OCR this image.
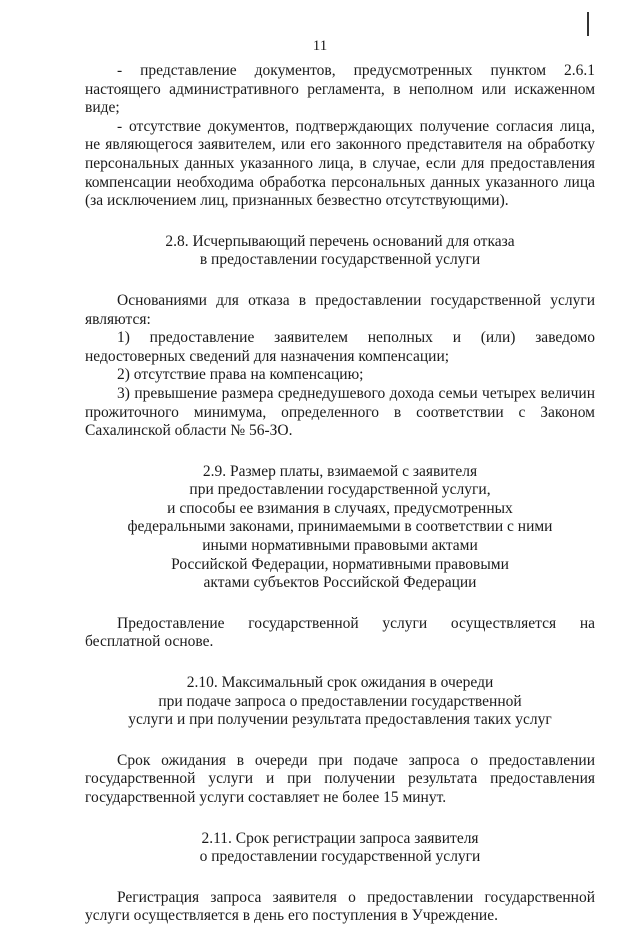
11

- представление документов, предусмотренных пунктом 2.6.1 настоящего административного регламента, в неполном или искаженном виде;

- отсутствие документов, подтверждающих получение согласия лица, не являющегося заявителем, или его законного представителя на обработку персональных данных указанного лица, в случае, если для предоставления компенсации необходима обработка персональных данных указанного лица (за исключением лиц, признанных безвестно отсутствующими).

2.8. Исчерпывающий перечень оснований для отказа

в предоставлении государственной услуги

Основаниями для отказа в предоставлении государственной услуги являются:

1) предоставление заявителем неполных и (или) заведомо недостоверных сведений для назначения компенсации;

2) отсутствие права на компенсацию;

3) превышение размера среднедушевого дохода семьи четырех величин прожиточного минимума, определенного в соответствии с Законом Сахалинской области № 56-ЗО.

2.9. Размер платы, взимаемой с заявителя

при предоставлении государственной услуги,

и способы ее взимания в случаях, предусмотренных

федеральными законами, принимаемыми в соответствии с ними

иными нормативными правовыми актами

Российской Федерации, нормативными правовыми

актами субъектов Российской Федерации

Предоставление государственной услуги осуществляется на бесплатной основе.

2.10. Максимальный срок ожидания в очереди

при подаче запроса о предоставлении государственной

услуги и при получении результата предоставления таких услуг

Срок ожидания в очереди при подаче запроса о предоставлении государственной услуги и при получении результата предоставления государственной услуги составляет не более 15 минут.

2.11. Срок регистрации запроса заявителя

о предоставлении государственной услуги

Регистрация запроса заявителя о предоставлении государственной услуги осуществляется в день его поступления в Учреждение.
